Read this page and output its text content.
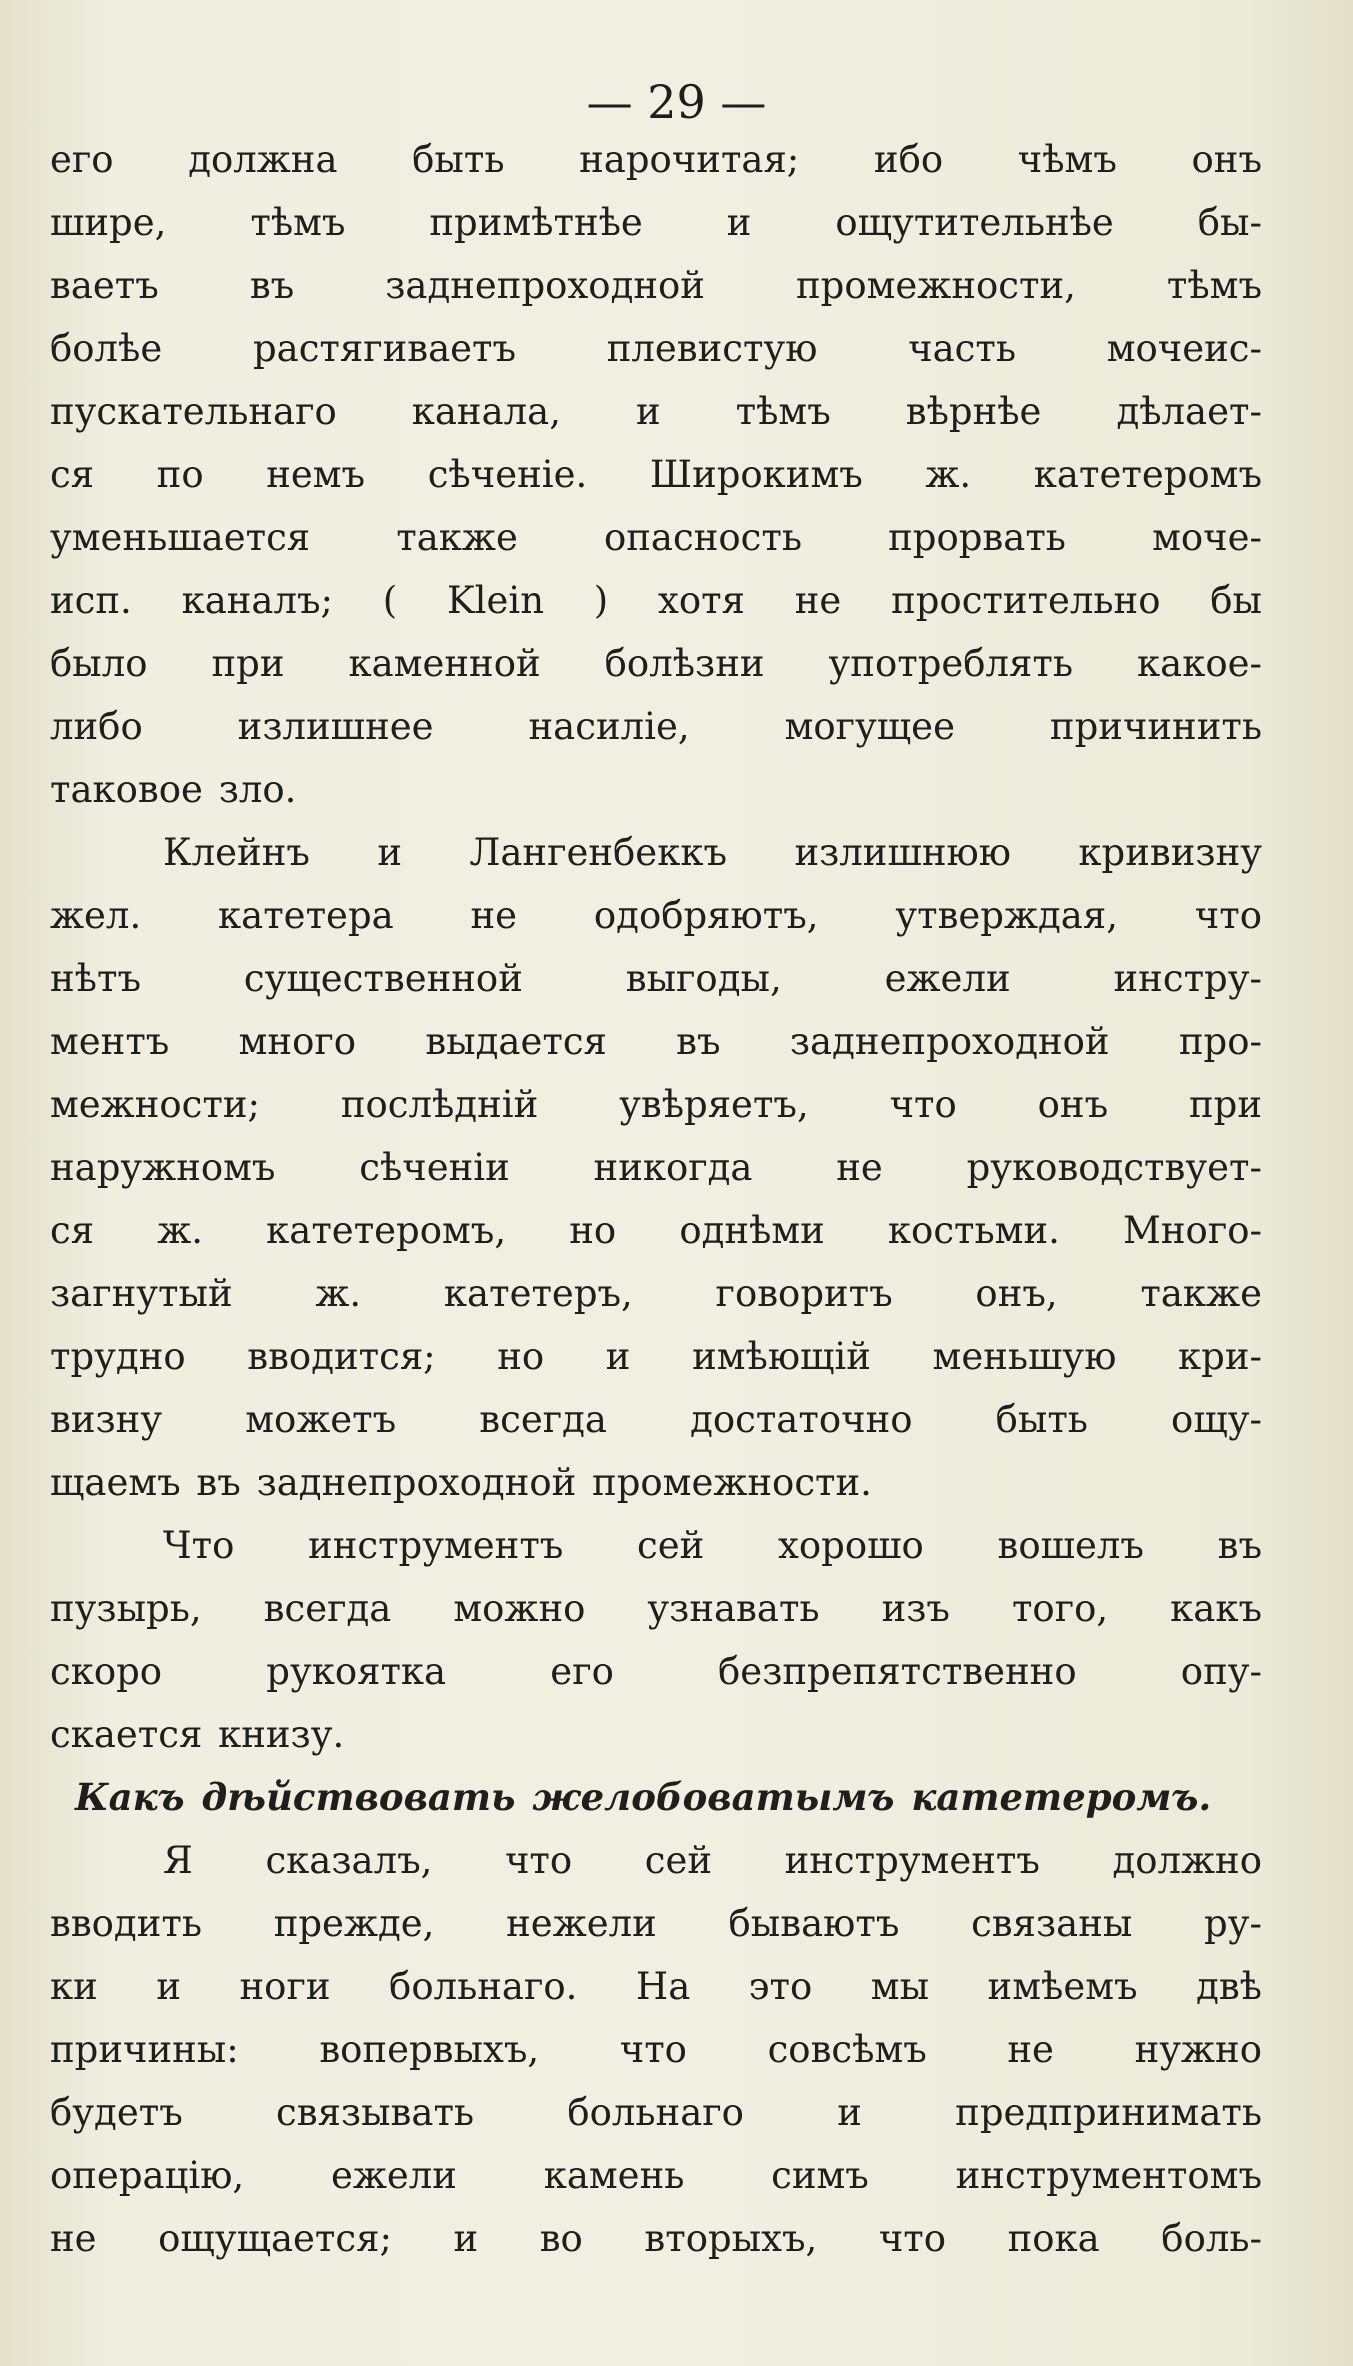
— 29 —
его должна быть нарочитая; ибо чѣмъ онъ
шире, тѣмъ примѣтнѣе и ощутительнѣе бы-
ваетъ въ заднепроходной промежности, тѣмъ
болѣе растягиваетъ плевистую часть мочеис-
пускательнаго канала, и тѣмъ вѣрнѣе дѣлает-
ся по немъ сѣченіе. Широкимъ ж. катетеромъ
уменьшается также опасность прорвать моче-
исп. каналъ; ( Klein ) хотя не простительно бы
было при каменной болѣзни употреблять какое-
либо излишнее насиліе, могущее причинить
таковое зло.
Клейнъ и Лангенбеккъ излишнюю кривизну
жел. катетера не одобряютъ, утверждая, что
нѣтъ существенной выгоды, ежели инстру-
ментъ много выдается въ заднепроходной про-
межности; послѣдній увѣряетъ, что онъ при
наружномъ сѣченіи никогда не руководствует-
ся ж. катетеромъ, но однѣми костьми. Много-
загнутый ж. катетеръ, говоритъ онъ, также
трудно вводится; но и имѣющій меньшую кри-
визну можетъ всегда достаточно быть ощу-
щаемъ въ заднепроходной промежности.
Что инструментъ сей хорошо вошелъ въ
пузырь, всегда можно узнавать изъ того, какъ
скоро рукоятка его безпрепятственно опу-
скается книзу.
Какъ дѣйствовать желобоватымъ катетеромъ.
Я сказалъ, что сей инструментъ должно
вводить прежде, нежели бываютъ связаны ру-
ки и ноги больнаго. На это мы имѣемъ двѣ
причины: вопервыхъ, что совсѣмъ не нужно
будетъ связывать больнаго и предпринимать
операцію, ежели камень симъ инструментомъ
не ощущается; и во вторыхъ, что пока боль-
